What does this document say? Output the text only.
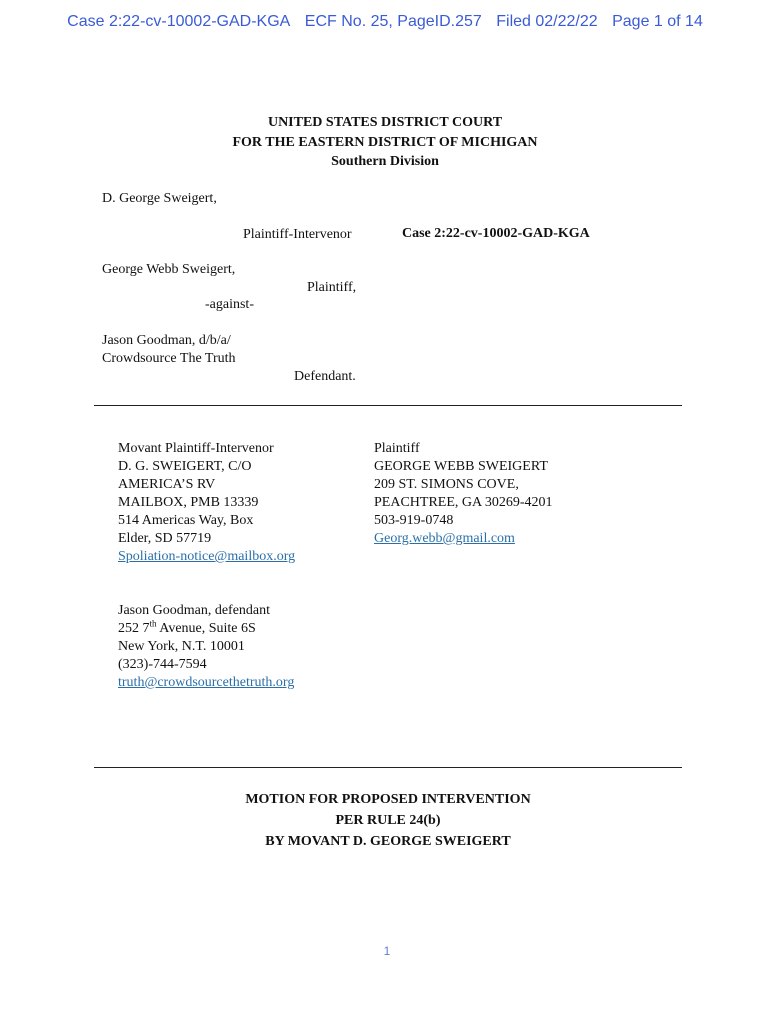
Case 2:22-cv-10002-GAD-KGA ECF No. 25, PageID.257 Filed 02/22/22 Page 1 of 14
UNITED STATES DISTRICT COURT
FOR THE EASTERN DISTRICT OF MICHIGAN
Southern Division
D. George Sweigert,
Plaintiff-Intervenor	Case 2:22-cv-10002-GAD-KGA
George Webb Sweigert,
Plaintiff,
-against-
Jason Goodman, d/b/a/
Crowdsource The Truth
Defendant.
Movant Plaintiff-Intervenor
D. G. SWEIGERT, C/O
AMERICA’S RV
MAILBOX, PMB 13339
514 Americas Way, Box
Elder, SD 57719
Spoliation-notice@mailbox.org
Plaintiff
GEORGE WEBB SWEIGERT
209 ST. SIMONS COVE,
PEACHTREE, GA 30269-4201
503-919-0748
Georg.webb@gmail.com
Jason Goodman, defendant
252 7th Avenue, Suite 6S
New York, N.T. 10001
(323)-744-7594
truth@crowdsourcethetruth.org
MOTION FOR PROPOSED INTERVENTION
PER RULE 24(b)
BY MOVANT D. GEORGE SWEIGERT
1
